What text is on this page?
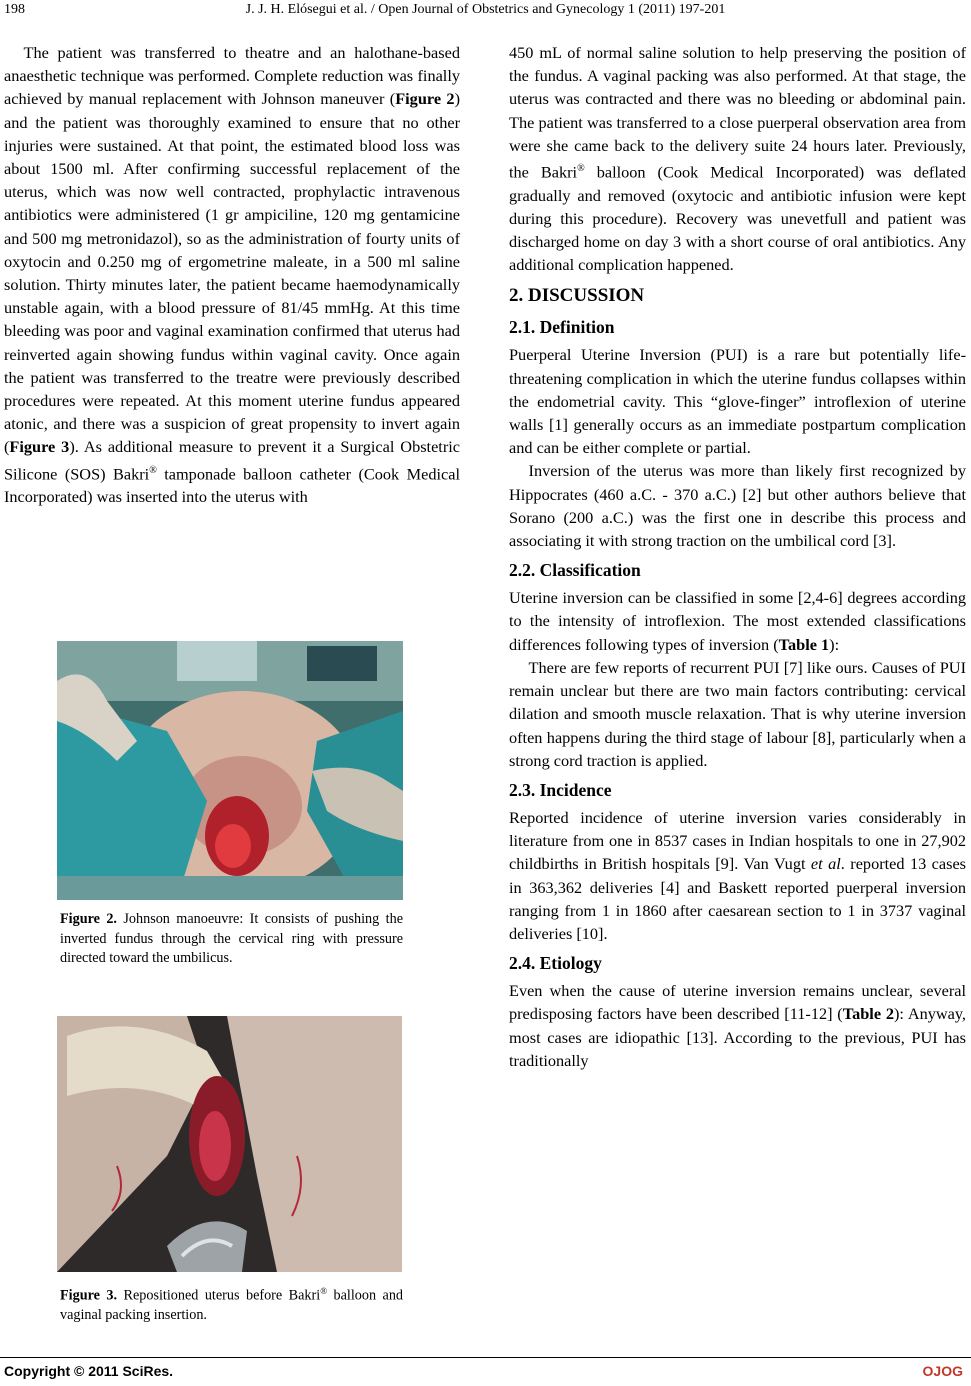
198	J. J. H. Elósegui et al. / Open Journal of Obstetrics and Gynecology 1 (2011) 197-201

The patient was transferred to theatre and an halothane-based anaesthetic technique was performed. Complete reduction was finally achieved by manual replacement with Johnson maneuver (Figure 2) and the patient was thoroughly examined to ensure that no other injuries were sustained. At that point, the estimated blood loss was about 1500 ml. After confirming successful replacement of the uterus, which was now well contracted, prophylactic intravenous antibiotics were administered (1 gr ampiciline, 120 mg gentamicine and 500 mg metronidazol), so as the administration of fourty units of oxytocin and 0.250 mg of ergometrine maleate, in a 500 ml saline solution. Thirty minutes later, the patient became haemodynamically unstable again, with a blood pressure of 81/45 mmHg. At this time bleeding was poor and vaginal examination confirmed that uterus had reinverted again showing fundus within vaginal cavity. Once again the patient was transferred to the treatre were previously described procedures were repeated. At this moment uterine fundus appeared atonic, and there was a suspicion of great propensity to invert again (Figure 3). As additional measure to prevent it a Surgical Obstetric Silicone (SOS) Bakri® tamponade balloon catheter (Cook Medical Incorporated) was inserted into the uterus with

Figure 2. Johnson manoeuvre: It consists of pushing the inverted fundus through the cervical ring with pressure directed toward the umbilicus.
Figure 3. Repositioned uterus before Bakri® balloon and vaginal packing insertion.

450 mL of normal saline solution to help preserving the position of the fundus. A vaginal packing was also performed. At that stage, the uterus was contracted and there was no bleeding or abdominal pain. The patient was transferred to a close puerperal observation area from were she came back to the delivery suite 24 hours later. Previously, the Bakri® balloon (Cook Medical Incorporated) was deflated gradually and removed (oxytocic and antibiotic infusion were kept during this procedure). Recovery was unevetfull and patient was discharged home on day 3 with a short course of oral antibiotics. Any additional complication happened.

2. DISCUSSION
2.1. Definition

Puerperal Uterine Inversion (PUI) is a rare but potentially life-threatening complication in which the uterine fundus collapses within the endometrial cavity. This “glove-finger” introflexion of uterine walls [1] generally occurs as an immediate postpartum complication and can be either complete or partial.

Inversion of the uterus was more than likely first recognized by Hippocrates (460 a.C. - 370 a.C.) [2] but other authors believe that Sorano (200 a.C.) was the first one in describe this process and associating it with strong traction on the umbilical cord [3].

2.2. Classification

Uterine inversion can be classified in some [2,4-6] degrees according to the intensity of introflexion. The most extended classifications differences following types of inversion (Table 1):

There are few reports of recurrent PUI [7] like ours. Causes of PUI remain unclear but there are two main factors contributing: cervical dilation and smooth muscle relaxation. That is why uterine inversion often happens during the third stage of labour [8], particularly when a strong cord traction is applied.

2.3. Incidence

Reported incidence of uterine inversion varies considerably in literature from one in 8537 cases in Indian hospitals to one in 27,902 childbirths in British hospitals [9]. Van Vugt et al. reported 13 cases in 363,362 deliveries [4] and Baskett reported puerperal inversion ranging from 1 in 1860 after caesarean section to 1 in 3737 vaginal deliveries [10].

2.4. Etiology

Even when the cause of uterine inversion remains unclear, several predisposing factors have been described [11-12] (Table 2): Anyway, most cases are idiopathic [13]. According to the previous, PUI has traditionally

Copyright © 2011 SciRes.	OJOG
